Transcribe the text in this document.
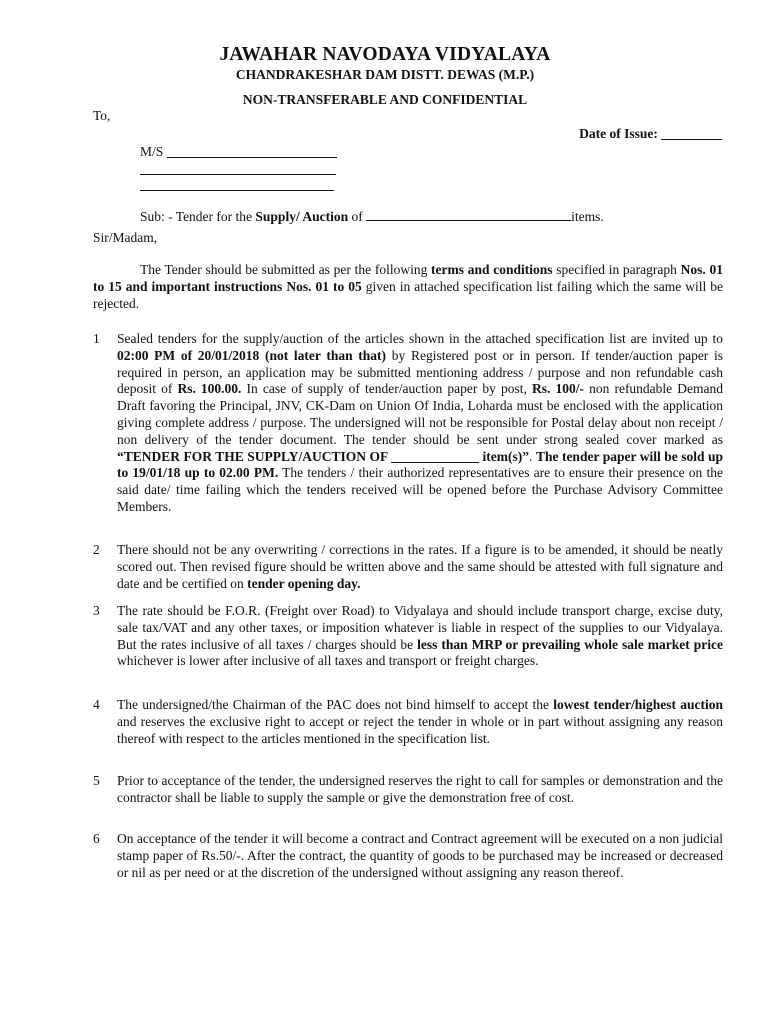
JAWAHAR NAVODAYA VIDYALAYA
CHANDRAKESHAR DAM DISTT. DEWAS (M.P.)
NON-TRANSFERABLE AND CONFIDENTIAL
To,
Date of Issue: _________
M/S
Sub: - Tender for the Supply/ Auction of	items.
Sir/Madam,
The Tender should be submitted as per the following terms and conditions specified in paragraph Nos. 01 to 15 and important instructions Nos. 01 to 05 given in attached specification list failing which the same will be rejected.
1	Sealed tenders for the supply/auction of the articles shown in the attached specification list are invited up to 02:00 PM of 20/01/2018 (not later than that) by Registered post or in person. If tender/auction paper is required in person, an application may be submitted mentioning address / purpose and non refundable cash deposit of Rs. 100.00. In case of supply of tender/auction paper by post, Rs. 100/- non refundable Demand Draft favoring the Principal, JNV, CK-Dam on Union Of India, Lohardа must be enclosed with the application giving complete address / purpose. The undersigned will not be responsible for Postal delay about non receipt / non delivery of the tender document. The tender should be sent under strong sealed cover marked as “TENDER FOR THE SUPPLY/AUCTION OF _____________ item(s)”. The tender paper will be sold up to 19/01/18 up to 02.00 PM. The tenders / their authorized representatives are to ensure their presence on the said date/ time failing which the tenders received will be opened before the Purchase Advisory Committee Members.
2	There should not be any overwriting / corrections in the rates. If a figure is to be amended, it should be neatly scored out. Then revised figure should be written above and the same should be attested with full signature and date and be certified on tender opening day.
3	The rate should be F.O.R. (Freight over Road) to Vidyalaya and should include transport charge, excise duty, sale tax/VAT and any other taxes, or imposition whatever is liable in respect of the supplies to our Vidyalaya. But the rates inclusive of all taxes / charges should be less than MRP or prevailing whole sale market price whichever is lower after inclusive of all taxes and transport or freight charges.
4	The undersigned/the Chairman of the PAC does not bind himself to accept the lowest tender/highest auction and reserves the exclusive right to accept or reject the tender in whole or in part without assigning any reason thereof with respect to the articles mentioned in the specification list.
5	Prior to acceptance of the tender, the undersigned reserves the right to call for samples or demonstration and the contractor shall be liable to supply the sample or give the demonstration free of cost.
6	On acceptance of the tender it will become a contract and Contract agreement will be executed on a non judicial stamp paper of Rs.50/-. After the contract, the quantity of goods to be purchased may be increased or decreased or nil as per need or at the discretion of the undersigned without assigning any reason thereof.
